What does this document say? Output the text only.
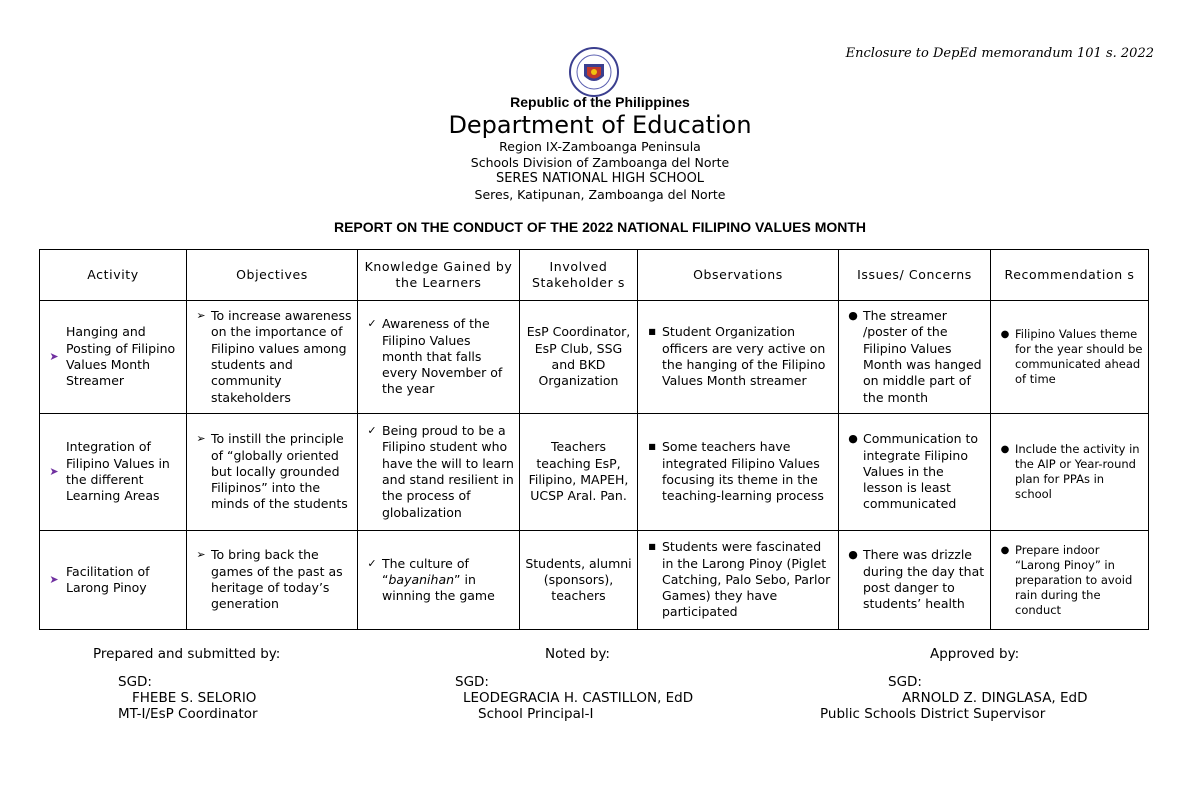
Enclosure to DepEd memorandum 101 s. 2022
Republic of the Philippines
Department of Education
Region IX-Zamboanga Peninsula
Schools Division of Zamboanga del Norte
SERES NATIONAL HIGH SCHOOL
Seres, Katipunan, Zamboanga del Norte
REPORT ON THE CONDUCT OF THE 2022 NATIONAL FILIPINO VALUES MONTH
Activity	Objectives	Knowledge Gained by the Learners	Involved Stakeholder s	Observations	Issues/ Concerns	Recommendation s

➤
Hanging and Posting of Filipino Values Month Streamer	➢ To increase awareness on the importance of Filipino values among students and community stakeholders	✓ Awareness of the Filipino Values month that falls every November of the year	EsP Coordinator, EsP Club, SSG and BKD Organization	■ Student Organization officers are very active on the hanging of the Filipino Values Month streamer	● The streamer /poster of the Filipino Values Month was hanged on middle part of the month	● Filipino Values theme for the year should be communicated ahead of time

➤
Integration of Filipino Values in the different Learning Areas	➢ To instill the principle of “globally oriented but locally grounded Filipinos” into the minds of the students	✓ Being proud to be a Filipino student who have the will to learn and stand resilient in the process of globalization	Teachers teaching EsP, Filipino, MAPEH, UCSP Aral. Pan.	■ Some teachers have integrated Filipino Values focusing its theme in the teaching-learning process	● Communication to integrate Filipino Values in the lesson is least communicated	● Include the activity in the AIP or Year-round plan for PPAs in school

➤
Facilitation of Larong Pinoy	➢ To bring back the games of the past as heritage of today’s generation	✓ The culture of “bayanihan” in winning the game	Students, alumni (sponsors), teachers	■ Students were fascinated in the Larong Pinoy (Piglet Catching, Palo Sebo, Parlor Games) they have participated	● There was drizzle during the day that post danger to students’ health	● Prepare indoor “Larong Pinoy” in preparation to avoid rain during the conduct
Prepared and submitted by:	Noted by:	Approved by:
SGD:
FHEBE S. SELORIO
MT-I/EsP Coordinator
SGD:
LEODEGRACIA H. CASTILLON, EdD
School Principal-I
SGD:
ARNOLD Z. DINGLASA, EdD
Public Schools District Supervisor
